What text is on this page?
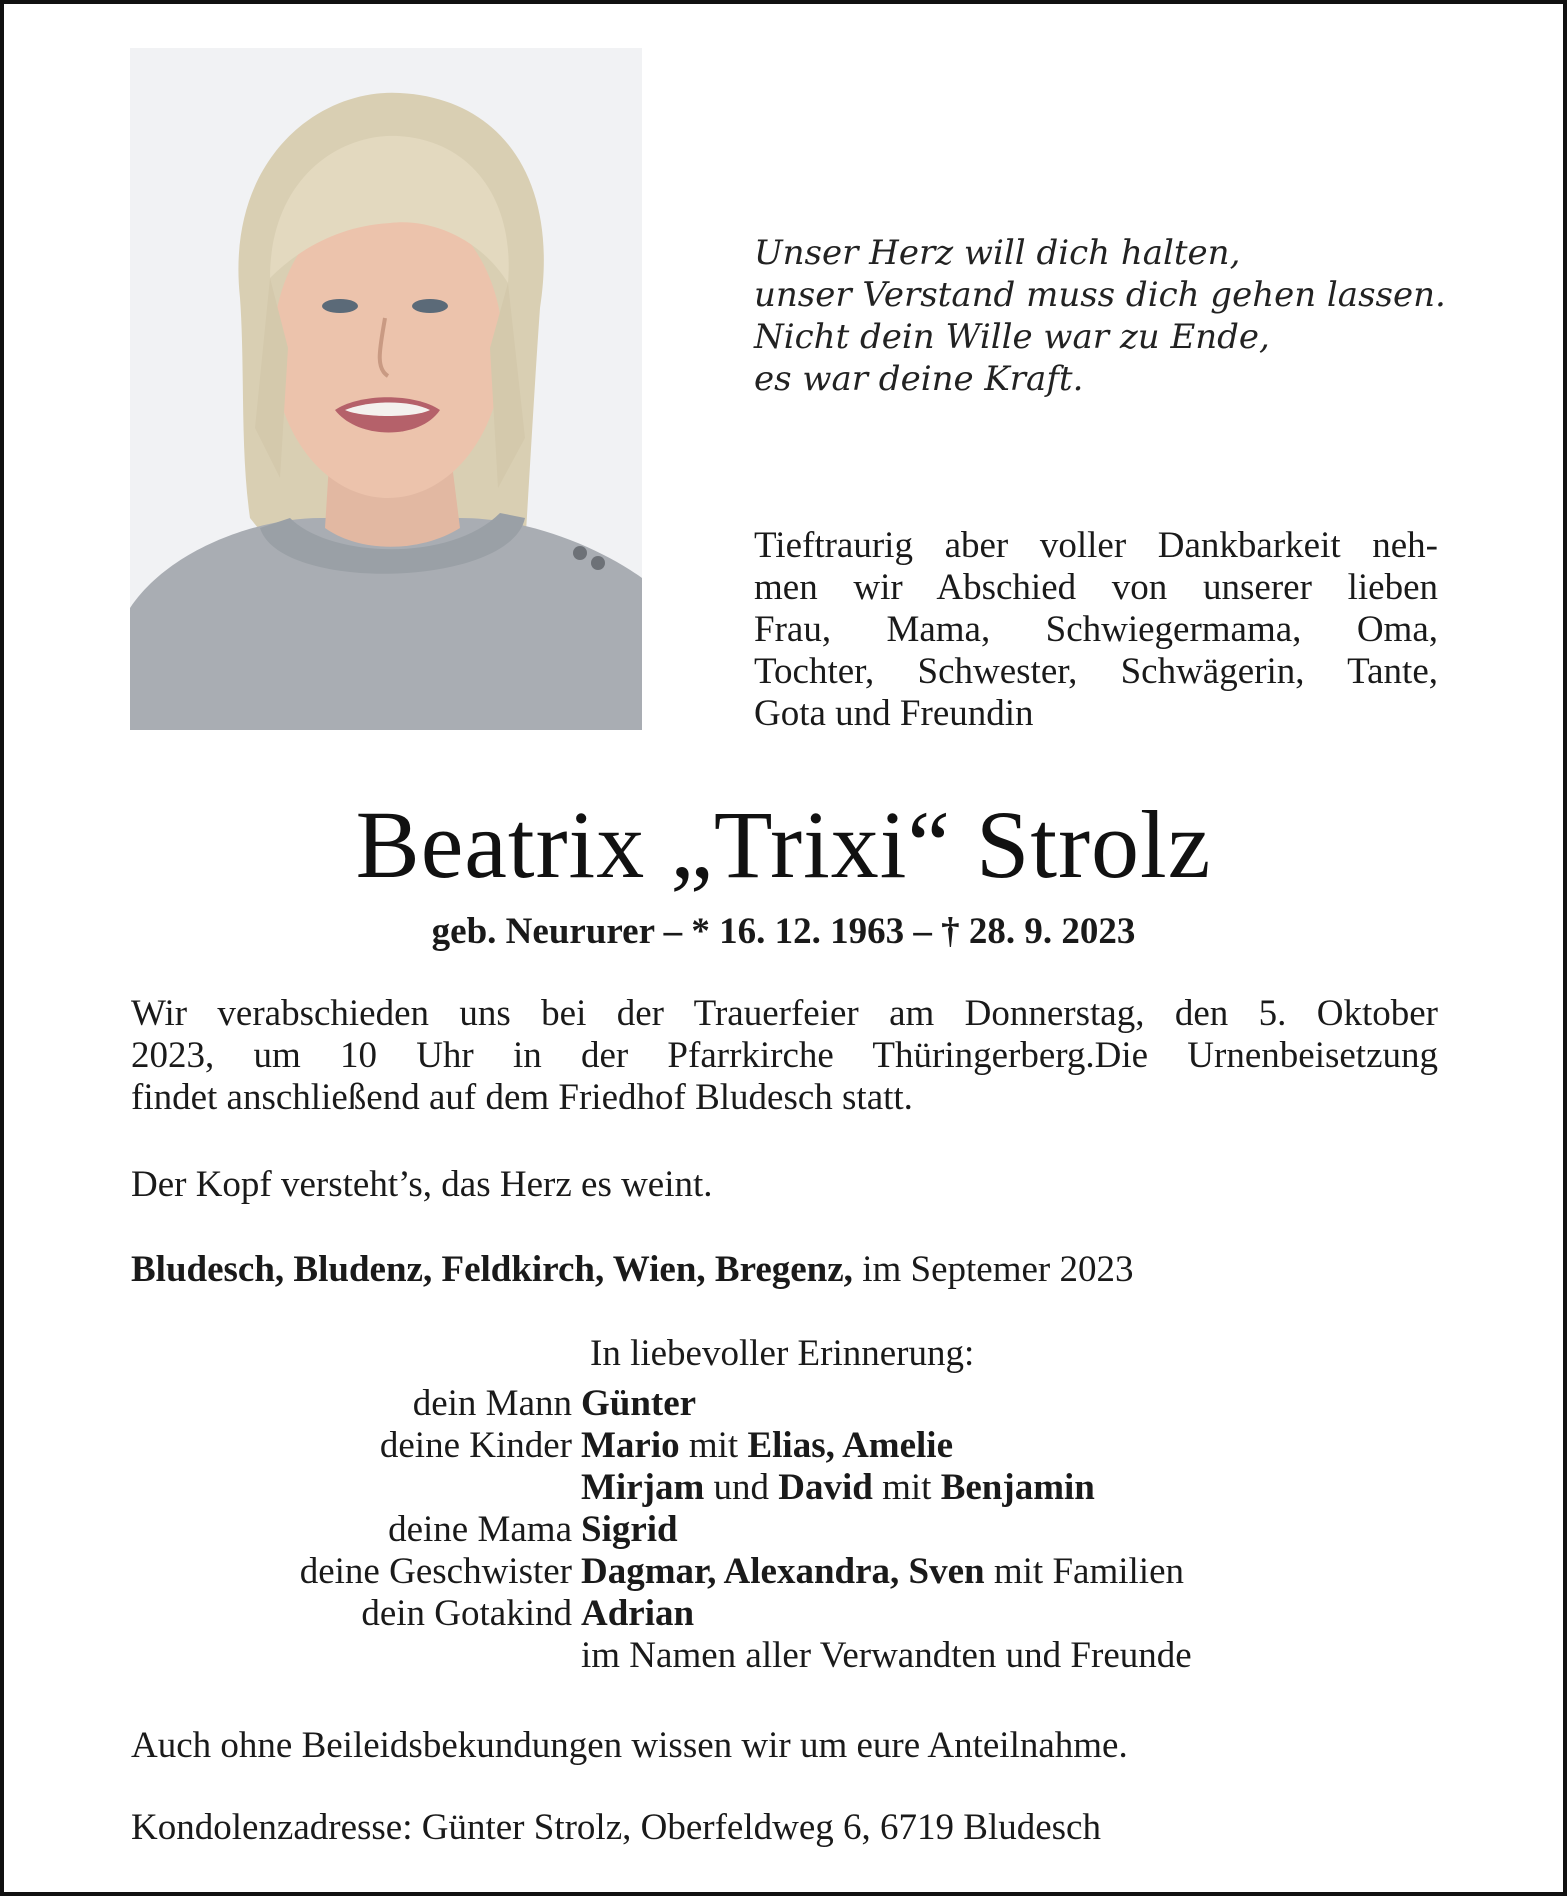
Unser Herz will dich halten,
unser Verstand muss dich gehen lassen.
Nicht dein Wille war zu Ende,
es war deine Kraft.
Tieftraurig aber voller Dankbarkeit neh-
men wir Abschied von unserer lieben
Frau, Mama, Schwiegermama, Oma,
Tochter, Schwester, Schwägerin, Tante,
Gota und Freundin
Beatrix „Trixi“ Strolz
geb. Neururer – * 16. 12. 1963 – † 28. 9. 2023
Wir verabschieden uns bei der Trauerfeier am Donnerstag, den 5. Oktober
2023, um 10 Uhr in der Pfarrkirche Thüringerberg.Die Urnenbeisetzung
findet anschließend auf dem Friedhof Bludesch statt.
Der Kopf versteht’s, das Herz es weint.
Bludesch, Bludenz, Feldkirch, Wien, Bregenz, im Septemer 2023
In liebevoller Erinnerung:
dein Mann Günter
deine Kinder Mario mit Elias, Amelie
Mirjam und David mit Benjamin
deine Mama Sigrid
deine Geschwister Dagmar, Alexandra, Sven mit Familien
dein Gotakind Adrian
im Namen aller Verwandten und Freunde
Auch ohne Beileidsbekundungen wissen wir um eure Anteilnahme.
Kondolenzadresse: Günter Strolz, Oberfeldweg 6, 6719 Bludesch
